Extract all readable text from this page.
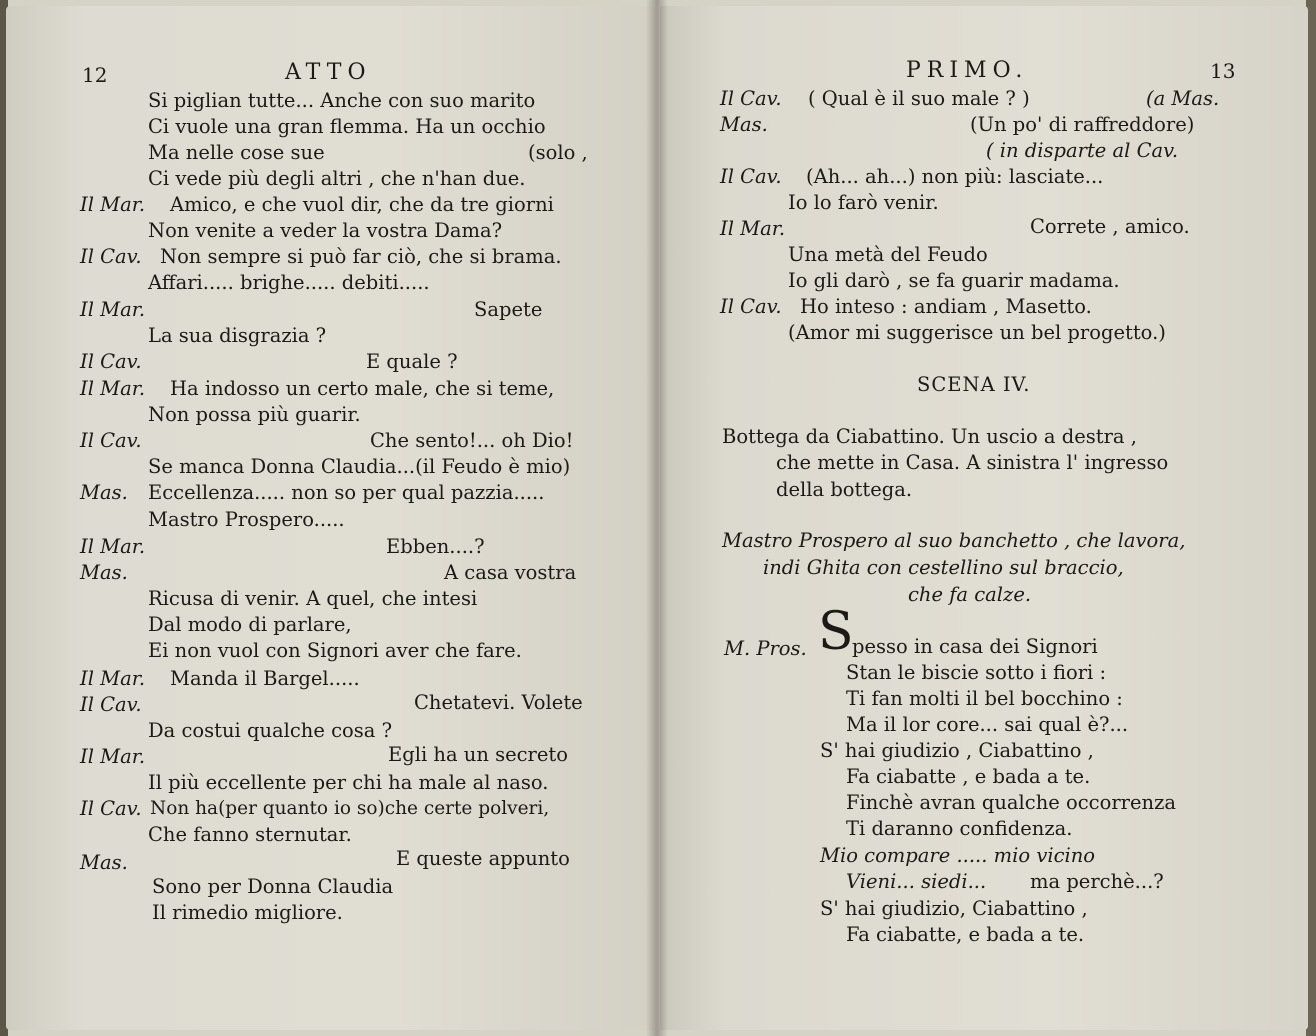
12	ATTO
Si piglian tutte... Anche con suo marito
Ci vuole una gran flemma. Ha un occhio
Ma nelle cose sue	(solo ,
Ci vede più degli altri , che n'han due.
Il Mar. Amico, e che vuol dir, che da tre giorni
Non venite a veder la vostra Dama?
Il Cav. Non sempre si può far ciò, che si brama.
Affari..... brighe..... debiti.....
Il Mar.	Sapete
La sua disgrazia ?
Il Cav.	E quale ?
Il Mar. Ha indosso un certo male, che si teme,
Non possa più guarir.
Il Cav.	Che sento!... oh Dio!
Se manca Donna Claudia...(il Feudo è mio)
Mas. Eccellenza..... non so per qual pazzia.....
Mastro Prospero.....
Il Mar.	Ebben....?
Mas.	A casa vostra
Ricusa di venir. A quel, che intesi
Dal modo di parlare,
Ei non vuol con Signori aver che fare.
Il Mar. Manda il Bargel.....
Il Cav.	Chetatevi. Volete
Da costui qualche cosa ?
Il Mar.	Egli ha un secreto
Il più eccellente per chi ha male al naso.
Il Cav. Non ha(per quanto io so)che certe polveri,
Che fanno sternutar.
Mas.	E queste appunto
Sono per Donna Claudia
Il rimedio migliore.
PRIMO.	13
Il Cav. ( Qual è il suo male ? )	(a Mas.
Mas.	(Un po' di raffreddore)
( in disparte al Cav.
Il Cav. (Ah... ah...) non più: lasciate...
Io lo farò venir.
Il Mar.	Correte , amico.
Una metà del Feudo
Io gli darò , se fa guarir madama.
Il Cav. Ho inteso : andiam , Masetto.
(Amor mi suggerisce un bel progetto.)
SCENA IV.
Bottega da Ciabattino. Un uscio a destra ,
che mette in Casa. A sinistra l' ingresso
della bottega.
Mastro Prospero al suo banchetto , che lavora,
indi Ghita con cestellino sul braccio,
che fa calze.
M. Pros. S
pesso in casa dei Signori
Stan le biscie sotto i fiori :
Ti fan molti il bel bocchino :
Ma il lor core... sai qual è?...
S' hai giudizio , Ciabattino ,
Fa ciabatte , e bada a te.
Finchè avran qualche occorrenza
Ti daranno confidenza.
Mio compare ..... mio vicino
Vieni... siedi... ma perchè...?
S' hai giudizio, Ciabattino ,
Fa ciabatte, e bada a te.
